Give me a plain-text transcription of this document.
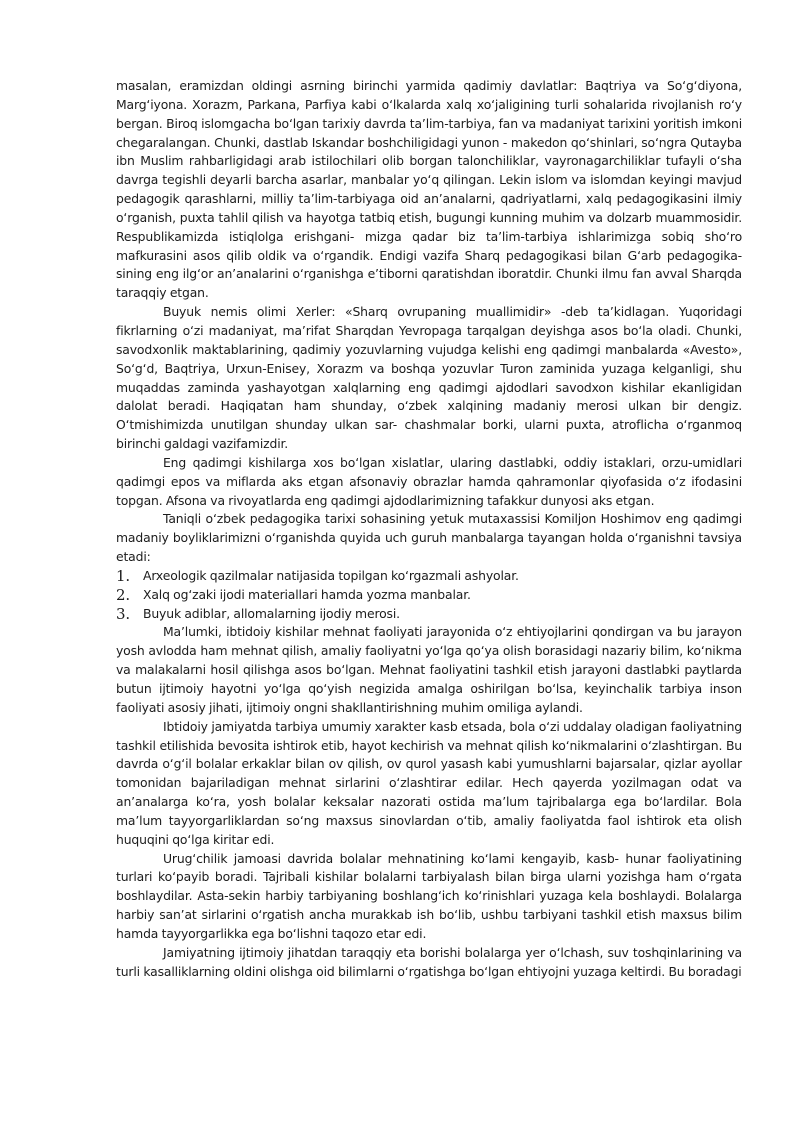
masalan, eramizdan oldingi asrning birinchi yarmida qadimiy davlatlar: Baqtriya va So‘g‘diyona, Marg‘iyona. Xorazm, Parkana, Parfiya kabi o‘lkalarda xalq xo‘jaligining turli sohalarida rivojlanish ro‘y bergan. Biroq islomgacha bo‘lgan tarixiy davrda ta’lim-tarbiya, fan va madaniyat tarixini yoritish imkoni chegaralangan. Chunki, dastlab Iskandar boshchiligidagi yunon - makedon qo‘shinlari, so‘ngra Qutayba ibn Muslim rahbarligidagi arab istilochilari olib borgan talonchiliklar, vayronagarchiliklar tufayli o‘sha davrga tegishli deyarli barcha asarlar, manbalar yo‘q qilingan. Lekin islom va islomdan keyingi mavjud pedagogik qarashlarni, milliy ta’lim-tarbiyaga oid an’analarni, qadriyatlarni, xalq pedagogikasini ilmiy o‘rganish, puxta tahlil qilish va hayotga tatbiq etish, bugungi kunning muhim va dolzarb muammosidir. Respublikamizda istiqlolga erishgani- mizga qadar biz ta’lim-tarbiya ishlarimizga sobiq sho‘ro mafkurasini asos qilib oldik va o‘rgandik. Endigi vazifa Sharq pedagogikasi bilan G‘arb pedagogika- sining eng ilg‘or an’analarini o‘rganishga e’tiborni qaratishdan iboratdir. Chunki ilmu fan avval Sharqda taraqqiy etgan.

Buyuk nemis olimi Xerler: «Sharq ovrupaning muallimidir» -deb ta’kidlagan. Yuqoridagi fikrlarning o‘zi madaniyat, ma’rifat Sharqdan Yevropaga tarqalgan deyishga asos bo‘la oladi. Chunki, savodxonlik maktablarining, qadimiy yozuvlarning vujudga kelishi eng qadimgi manbalarda «Avesto», So‘g‘d, Baqtriya, Urxun-Enisey, Xorazm va boshqa yozuvlar Turon zaminida yuzaga kelganligi, shu muqaddas zaminda yashayotgan xalqlarning eng qadimgi ajdodlari savodxon kishilar ekanligidan dalolat beradi. Haqiqatan ham shunday, o‘zbek xalqining madaniy merosi ulkan bir dengiz. O‘tmishimizda unutilgan shunday ulkan sar- chashmalar borki, ularni puxta, atroflicha o‘rganmoq birinchi galdagi vazifamizdir.

Eng qadimgi kishilarga xos bo‘lgan xislatlar, ularing dastlabki, oddiy istaklari, orzu-umidlari qadimgi epos va miflarda aks etgan afsonaviy obrazlar hamda qahramonlar qiyofasida o‘z ifodasini topgan. Afsona va rivoyatlarda eng qadimgi ajdodlarimizning tafakkur dunyosi aks etgan.

Taniqli o‘zbek pedagogika tarixi sohasining yetuk mutaxassisi Komiljon Hoshimov eng qadimgi madaniy boyliklarimizni o‘rganishda quyida uch guruh manbalarga tayangan holda o‘rganishni tavsiya etadi:

1. Arxeologik qazilmalar natijasida topilgan ko‘rgazmali ashyolar.
2. Xalq og‘zaki ijodi materiallari hamda yozma manbalar.
3. Buyuk adiblar, allomalarning ijodiy merosi.

Ma’lumki, ibtidoiy kishilar mehnat faoliyati jarayonida o‘z ehtiyojlarini qondirgan va bu jarayon yosh avlodda ham mehnat qilish, amaliy faoliyatni yo‘lga qo‘ya olish borasidagi nazariy bilim, ko‘nikma va malakalarni hosil qilishga asos bo‘lgan. Mehnat faoliyatini tashkil etish jarayoni dastlabki paytlarda butun ijtimoiy hayotni yo‘lga qo‘yish negizida amalga oshirilgan bo‘lsa, keyinchalik tarbiya inson faoliyati asosiy jihati, ijtimoiy ongni shakllantirishning muhim omiliga aylandi.

Ibtidoiy jamiyatda tarbiya umumiy xarakter kasb etsada, bola o‘zi uddalay oladigan faoliyatning tashkil etilishida bevosita ishtirok etib, hayot kechirish va mehnat qilish ko‘nikmalarini o‘zlashtirgan. Bu davrda o‘g‘il bolalar erkaklar bilan ov qilish, ov qurol yasash kabi yumushlarni bajarsalar, qizlar ayollar tomonidan bajariladigan mehnat sirlarini o‘zlashtirar edilar. Hech qayerda yozilmagan odat va an’analarga ko‘ra, yosh bolalar keksalar nazorati ostida ma’lum tajribalarga ega bo‘lardilar. Bola ma’lum tayyorgarliklardan so‘ng maxsus sinovlardan o‘tib, amaliy faoliyatda faol ishtirok eta olish huquqini qo‘lga kiritar edi.

Urug‘chilik jamoasi davrida bolalar mehnatining ko‘lami kengayib, kasb- hunar faoliyatining turlari ko‘payib boradi. Tajribali kishilar bolalarni tarbiyalash bilan birga ularni yozishga ham o‘rgata boshlaydilar. Asta-sekin harbiy tarbiyaning boshlang‘ich ko‘rinishlari yuzaga kela boshlaydi. Bolalarga harbiy san’at sirlarini o‘rgatish ancha murakkab ish bo‘lib, ushbu tarbiyani tashkil etish maxsus bilim hamda tayyorgarlikka ega bo‘lishni taqozo etar edi.

Jamiyatning ijtimoiy jihatdan taraqqiy eta borishi bolalarga yer o‘lchash, suv toshqinlarining va turli kasalliklarning oldini olishga oid bilimlarni o‘rgatishga bo‘lgan ehtiyojni yuzaga keltirdi. Bu boradagi
